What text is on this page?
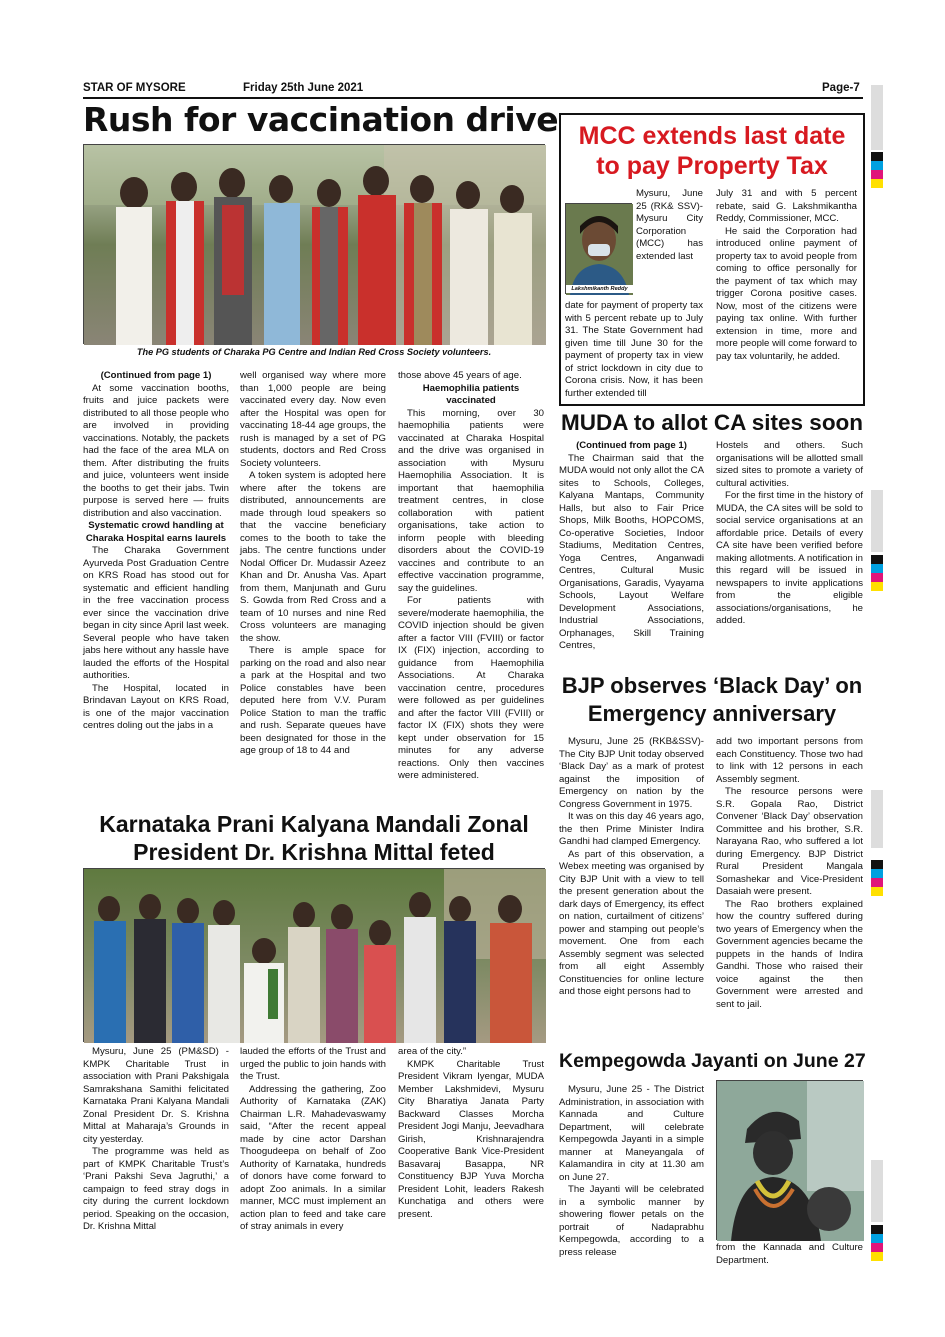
STAR OF MYSORE	Friday 25th June 2021	Page-7
Rush for vaccination drive
The PG students of Charaka PG Centre and Indian Red Cross Society volunteers.

(Continued from page 1)

At some vaccination booths, fruits and juice packets were distributed to all those people who are involved in providing vaccinations. Notably, the packets had the face of the area MLA on them. After distributing the fruits and juice, volunteers went inside the booths to get their jabs. Twin purpose is served here — fruits distribution and also vaccination.

Systematic crowd handling at Charaka Hospital earns laurels

The Charaka Government Ayurveda Post Graduation Centre on KRS Road has stood out for systematic and efficient handling in the free vaccination process ever since the vaccination drive began in city since April last week. Several people who have taken jabs here without any hassle have lauded the efforts of the Hospital authorities.

The Hospital, located in Brindavan Layout on KRS Road, is one of the major vaccination centres doling out the jabs in a

well organised way where more than 1,000 people are being vaccinated every day. Now even after the Hospital was open for vaccinating 18-44 age groups, the rush is managed by a set of PG students, doctors and Red Cross Society volunteers.

A token system is adopted here where after the tokens are distributed, announcements are made through loud speakers so that the vaccine beneficiary comes to the booth to take the jabs. The centre functions under Nodal Officer Dr. Mudassir Azeez Khan and Dr. Anusha Vas. Apart from them, Manjunath and Guru S. Gowda from Red Cross and a team of 10 nurses and nine Red Cross volunteers are managing the show.

There is ample space for parking on the road and also near a park at the Hospital and two Police constables have been deputed here from V.V. Puram Police Station to man the traffic and rush. Separate queues have been designated for those in the age group of 18 to 44 and

those above 45 years of age.

Haemophilia patients vaccinated

This morning, over 30 haemophilia patients were vaccinated at Charaka Hospital and the drive was organised in association with Mysuru Haemophilia Association. It is important that haemophilia treatment centres, in close collaboration with patient organisations, take action to inform people with bleeding disorders about the COVID-19 vaccines and contribute to an effective vaccination programme, say the guidelines.

For patients with severe/moderate haemophilia, the COVID injection should be given after a factor VIII (FVIII) or factor IX (FIX) injection, according to guidance from Haemophilia Associations. At Charaka vaccination centre, procedures were followed as per guidelines and after the factor VIII (FVIII) or factor IX (FIX) shots they were kept under observation for 15 minutes for any adverse reactions. Only then vaccines were administered.

MCC extends last date
to pay Property Tax
Lakshmikanth Reddy

Mysuru, June 25 (RK& SSV)- Mysuru City Corporation (MCC) has extended last

date for payment of property tax with 5 percent rebate up to July 31. The State Government had given time till June 30 for the payment of property tax in view of strict lockdown in city due to Corona crisis. Now, it has been further extended till

July 31 and with 5 percent rebate, said G. Lakshmikantha Reddy, Commissioner, MCC.

He said the Corporation had introduced online payment of property tax to avoid people from coming to office personally for the payment of tax which may trigger Corona positive cases. Now, most of the citizens were paying tax online. With further extension in time, more and more people will come forward to pay tax voluntarily, he added.

MUDA to allot CA sites soon

(Continued from page 1)

The Chairman said that the MUDA would not only allot the CA sites to Schools, Colleges, Kalyana Mantaps, Community Halls, but also to Fair Price Shops, Milk Booths, HOPCOMS, Co-operative Societies, Indoor Stadiums, Meditation Centres, Yoga Centres, Anganwadi Centres, Cultural Music Organisations, Garadis, Vyayama Schools, Layout Welfare Development Associations, Industrial Associations, Orphanages, Skill Training Centres,

Hostels and others. Such organisations will be allotted small sized sites to promote a variety of cultural activities.

For the first time in the history of MUDA, the CA sites will be sold to social service organisations at an affordable price. Details of every CA site have been verified before making allotments. A notification in this regard will be issued in newspapers to invite applications from the eligible associations/organisations, he added.

BJP observes ‘Black Day’ on
Emergency anniversary

Mysuru, June 25 (RKB&SSV)- The City BJP Unit today observed ‘Black Day’ as a mark of protest against the imposition of Emergency on nation by the Congress Government in 1975.

It was on this day 46 years ago, the then Prime Minister Indira Gandhi had clamped Emergency.

As part of this observation, a Webex meeting was organised by City BJP Unit with a view to tell the present generation about the dark days of Emergency, its effect on nation, curtailment of citizens’ power and stamping out people’s movement. One from each Assembly segment was selected from all eight Assembly Constituencies for online lecture and those eight persons had to

add two important persons from each Constituency. Those two had to link with 12 persons in each Assembly segment.

The resource persons were S.R. Gopala Rao, District Convener ‘Black Day’ observation Committee and his brother, S.R. Narayana Rao, who suffered a lot during Emergency. BJP District Rural President Mangala Somashekar and Vice-President Dasaiah were present.

The Rao brothers explained how the country suffered during two years of Emergency when the Government agencies became the puppets in the hands of Indira Gandhi. Those who raised their voice against the then Government were arrested and sent to jail.

Karnataka Prani Kalyana Mandali Zonal
President Dr. Krishna Mittal feted

Mysuru, June 25 (PM&SD) - KMPK Charitable Trust in association with Prani Pakshigala Samrakshana Samithi felicitated Karnataka Prani Kalyana Mandali Zonal President Dr. S. Krishna Mittal at Maharaja’s Grounds in city yesterday.

The programme was held as part of KMPK Charitable Trust’s ‘Prani Pakshi Seva Jagruthi,’ a campaign to feed stray dogs in city during the current lockdown period. Speaking on the occasion, Dr. Krishna Mittal

lauded the efforts of the Trust and urged the public to join hands with the Trust.

Addressing the gathering, Zoo Authority of Karnataka (ZAK) Chairman L.R. Mahadevaswamy said, “After the recent appeal made by cine actor Darshan Thoogudeepa on behalf of Zoo Authority of Karnataka, hundreds of donors have come forward to adopt Zoo animals. In a similar manner, MCC must implement an action plan to feed and take care of stray animals in every

area of the city.”

KMPK Charitable Trust President Vikram Iyengar, MUDA Member Lakshmidevi, Mysuru City Bharatiya Janata Party Backward Classes Morcha President Jogi Manju, Jeevadhara Girish, Krishnarajendra Cooperative Bank Vice-President Basavaraj Basappa, NR Constituency BJP Yuva Morcha President Lohit, leaders Rakesh Kunchatiga and others were present.

Kempegowda Jayanti on June 27

Mysuru, June 25 - The District Administration, in association with Kannada and Culture Department, will celebrate Kempegowda Jayanti in a simple manner at Maneyangala of Kalamandira in city at 11.30 am on June 27.

The Jayanti will be celebrated in a symbolic manner by showering flower petals on the portrait of Nadaprabhu Kempegowda, according to a press release	from the Kannada and Culture Department.
